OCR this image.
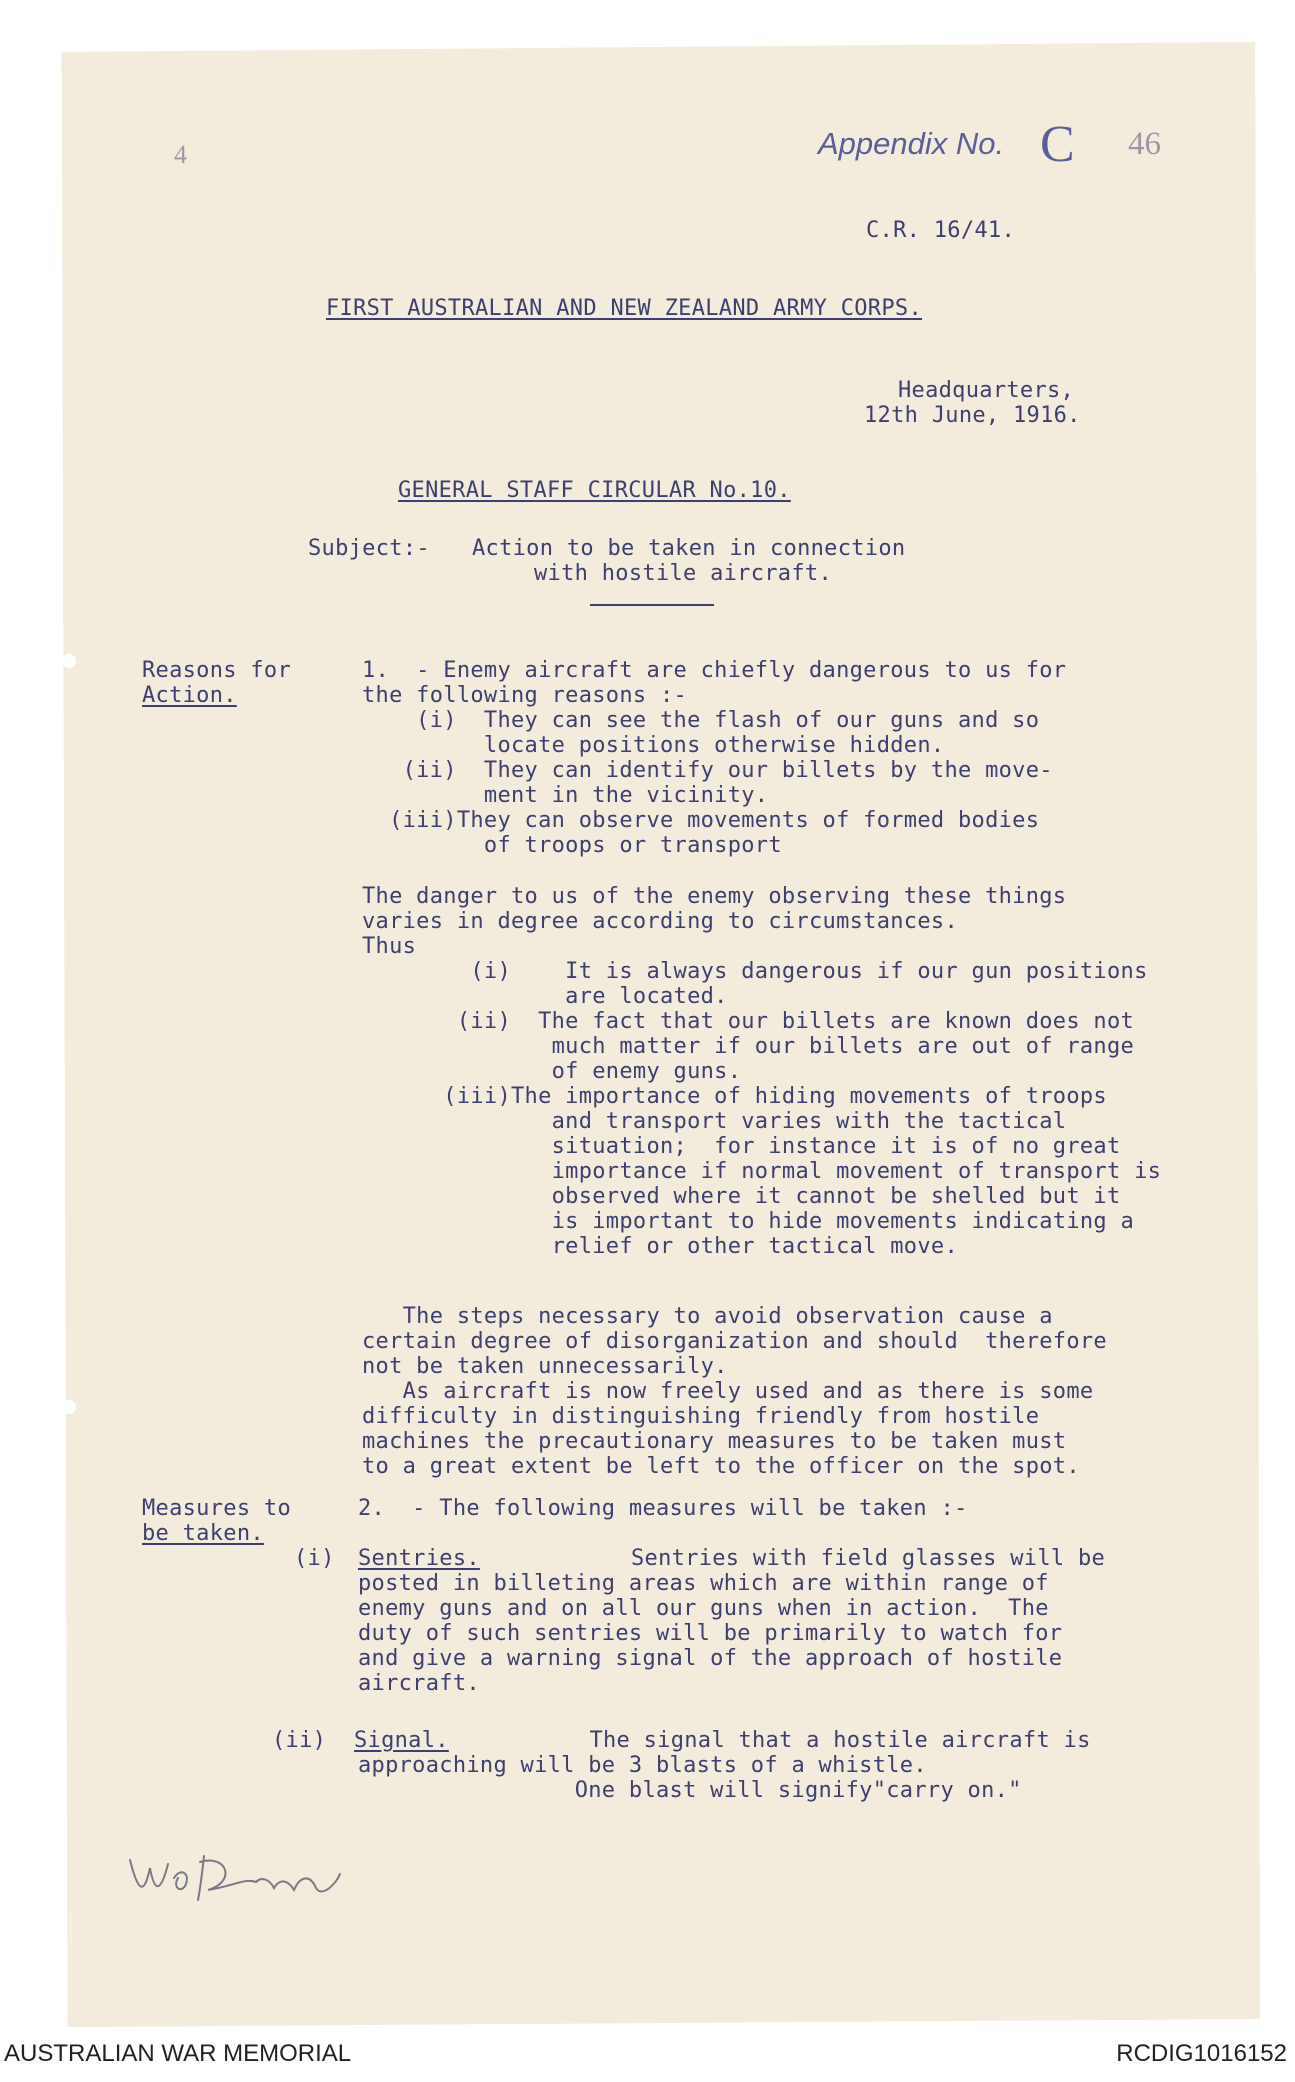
4	Appendix No. C 46
C.R. 16/41.
FIRST AUSTRALIAN AND NEW ZEALAND ARMY CORPS.
Headquarters,
12th June, 1916.
GENERAL STAFF CIRCULAR No.10.
Subject:- Action to be taken in connection
with hostile aircraft.
Reasons for
Action.
1.  - Enemy aircraft are chiefly dangerous to us for
the following reasons :-
(i)  They can see the flash of our guns and so
locate positions otherwise hidden.
(ii)  They can identify our billets by the move-
ment in the vicinity.
(iii)They can observe movements of formed bodies
of troops or transport
The danger to us of the enemy observing these things
varies in degree according to circumstances.
Thus
(i)    It is always dangerous if our gun positions
are located.
(ii)  The fact that our billets are known does not
much matter if our billets are out of range
of enemy guns.
(iii)The importance of hiding movements of troops
and transport varies with the tactical
situation;  for instance it is of no great
importance if normal movement of transport is
observed where it cannot be shelled but it
is important to hide movements indicating a
relief or other tactical move.
The steps necessary to avoid observation cause a
certain degree of disorganization and should  therefore
not be taken unnecessarily.
As aircraft is now freely used and as there is some
difficulty in distinguishing friendly from hostile
machines the precautionary measures to be taken must
to a great extent be left to the officer on the spot.
Measures to
be taken.
2.  - The following measures will be taken :-
(i) Sentries. Sentries with field glasses will be
posted in billeting areas which are within range of
enemy guns and on all our guns when in action.  The
duty of such sentries will be primarily to watch for
and give a warning signal of the approach of hostile
aircraft.
(ii) Signal. The signal that a hostile aircraft is
approaching will be 3 blasts of a whistle.
One blast will signify"carry on."
AUSTRALIAN WAR MEMORIAL	RCDIG1016152
